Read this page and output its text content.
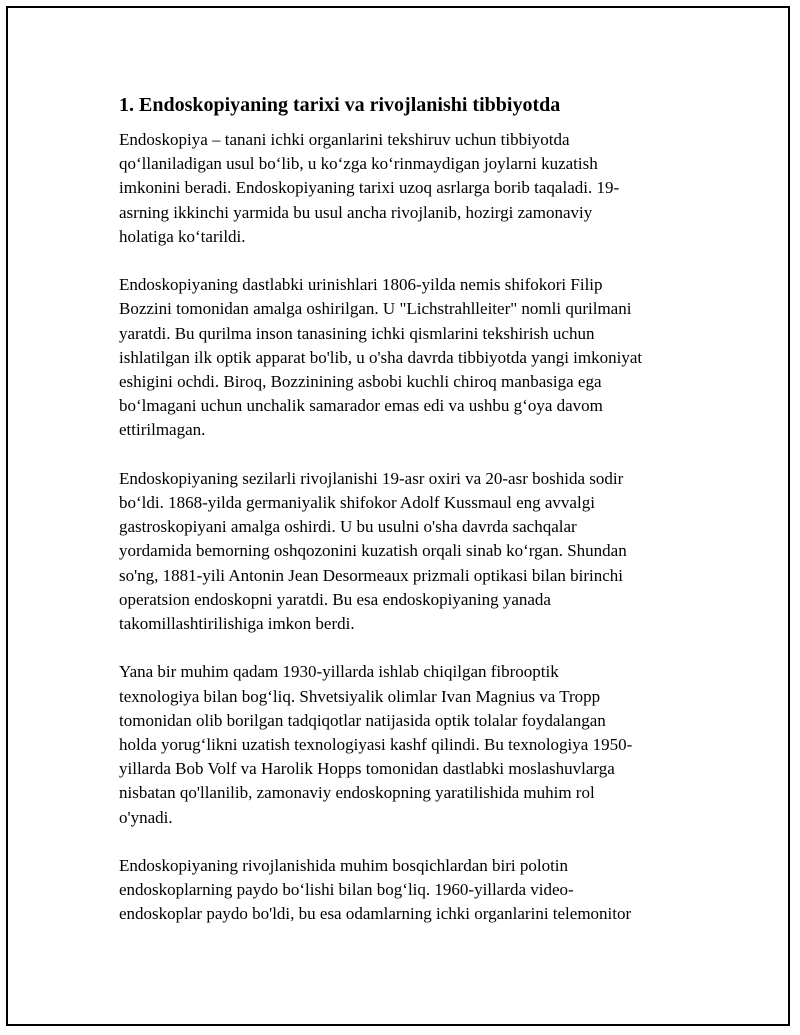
1. Endoskopiyaning tarixi va rivojlanishi tibbiyotda

Endoskopiya – tanani ichki organlarini tekshiruv uchun tibbiyotda
qo‘llaniladigan usul bo‘lib, u ko‘zga ko‘rinmaydigan joylarni kuzatish
imkonini beradi. Endoskopiyaning tarixi uzoq asrlarga borib taqaladi. 19-
asrning ikkinchi yarmida bu usul ancha rivojlanib, hozirgi zamonaviy
holatiga ko‘tarildi.

Endoskopiyaning dastlabki urinishlari 1806-yilda nemis shifokori Filip
Bozzini tomonidan amalga oshirilgan. U "Lichstrahlleiter" nomli qurilmani
yaratdi. Bu qurilma inson tanasining ichki qismlarini tekshirish uchun
ishlatilgan ilk optik apparat bo'lib, u o'sha davrda tibbiyotda yangi imkoniyat
eshigini ochdi. Biroq, Bozzinining asbobi kuchli chiroq manbasiga ega
bo‘lmagani uchun unchalik samarador emas edi va ushbu g‘oya davom
ettirilmagan.

Endoskopiyaning sezilarli rivojlanishi 19-asr oxiri va 20-asr boshida sodir
bo‘ldi. 1868-yilda germaniyalik shifokor Adolf Kussmaul eng avvalgi
gastroskopiyani amalga oshirdi. U bu usulni o'sha davrda sachqalar
yordamida bemorning oshqozonini kuzatish orqali sinab ko‘rgan. Shundan
so'ng, 1881-yili Antonin Jean Desormeaux prizmali optikasi bilan birinchi
operatsion endoskopni yaratdi. Bu esa endoskopiyaning yanada
takomillashtirilishiga imkon berdi.

Yana bir muhim qadam 1930-yillarda ishlab chiqilgan fibrooptik
texnologiya bilan bog‘liq. Shvetsiyalik olimlar Ivan Magnius va Tropp
tomonidan olib borilgan tadqiqotlar natijasida optik tolalar foydalangan
holda yorug‘likni uzatish texnologiyasi kashf qilindi. Bu texnologiya 1950-
yillarda Bob Volf va Harolik Hopps tomonidan dastlabki moslashuvlarga
nisbatan qo'llanilib, zamonaviy endoskopning yaratilishida muhim rol
o'ynadi.

Endoskopiyaning rivojlanishida muhim bosqichlardan biri polotin
endoskoplarning paydo bo‘lishi bilan bog‘liq. 1960-yillarda video-
endoskoplar paydo bo'ldi, bu esa odamlarning ichki organlarini telemonitor
